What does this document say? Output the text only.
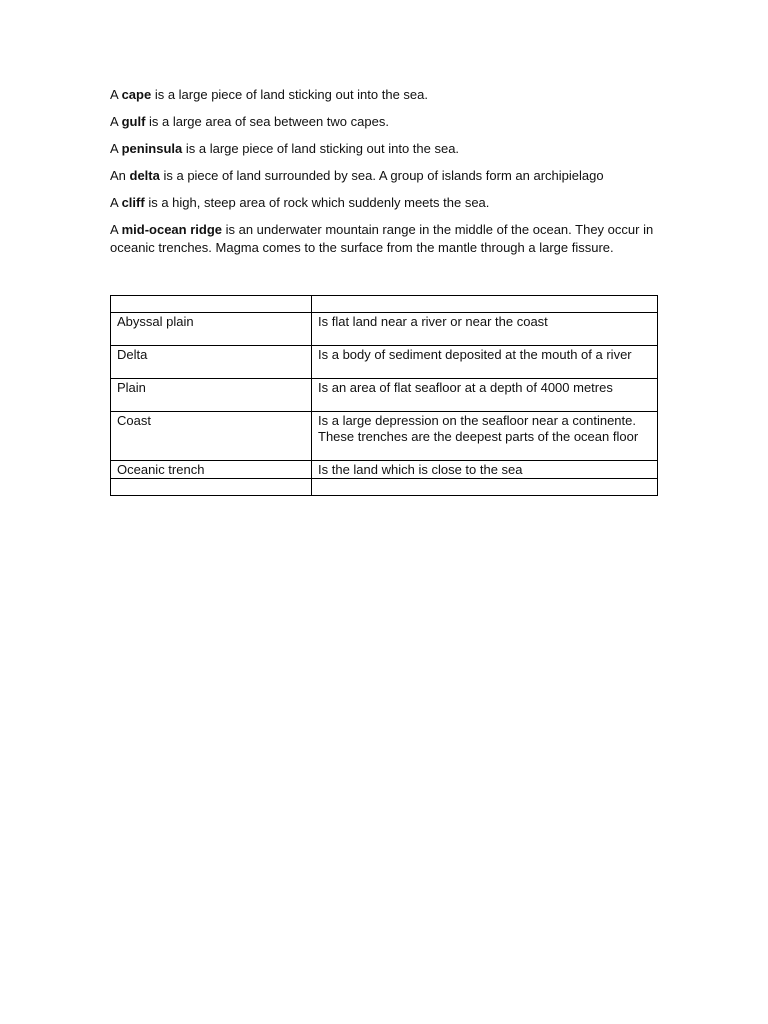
A cape is a large piece of land sticking out into the sea.

A gulf is a large area of sea between two capes.

A peninsula is a large piece of land sticking out into the sea.

An delta is a piece of land surrounded by sea. A group of islands form an archipielago

A cliff is a high, steep area of rock which suddenly meets the sea.

A mid-ocean ridge is an underwater mountain range in the middle of the ocean. They occur in oceanic trenches. Magma comes to the surface from the mantle through a large fissure.

Abyssal plain	Is flat land near a river or near the coast
Delta	Is a body of sediment deposited at the mouth of a river
Plain	Is an area of flat seafloor at a depth of 4000 metres
Coast	Is a large depression on the seafloor near a continente. These trenches are the deepest parts of the ocean floor
Oceanic trench	Is the land which is close to the sea
